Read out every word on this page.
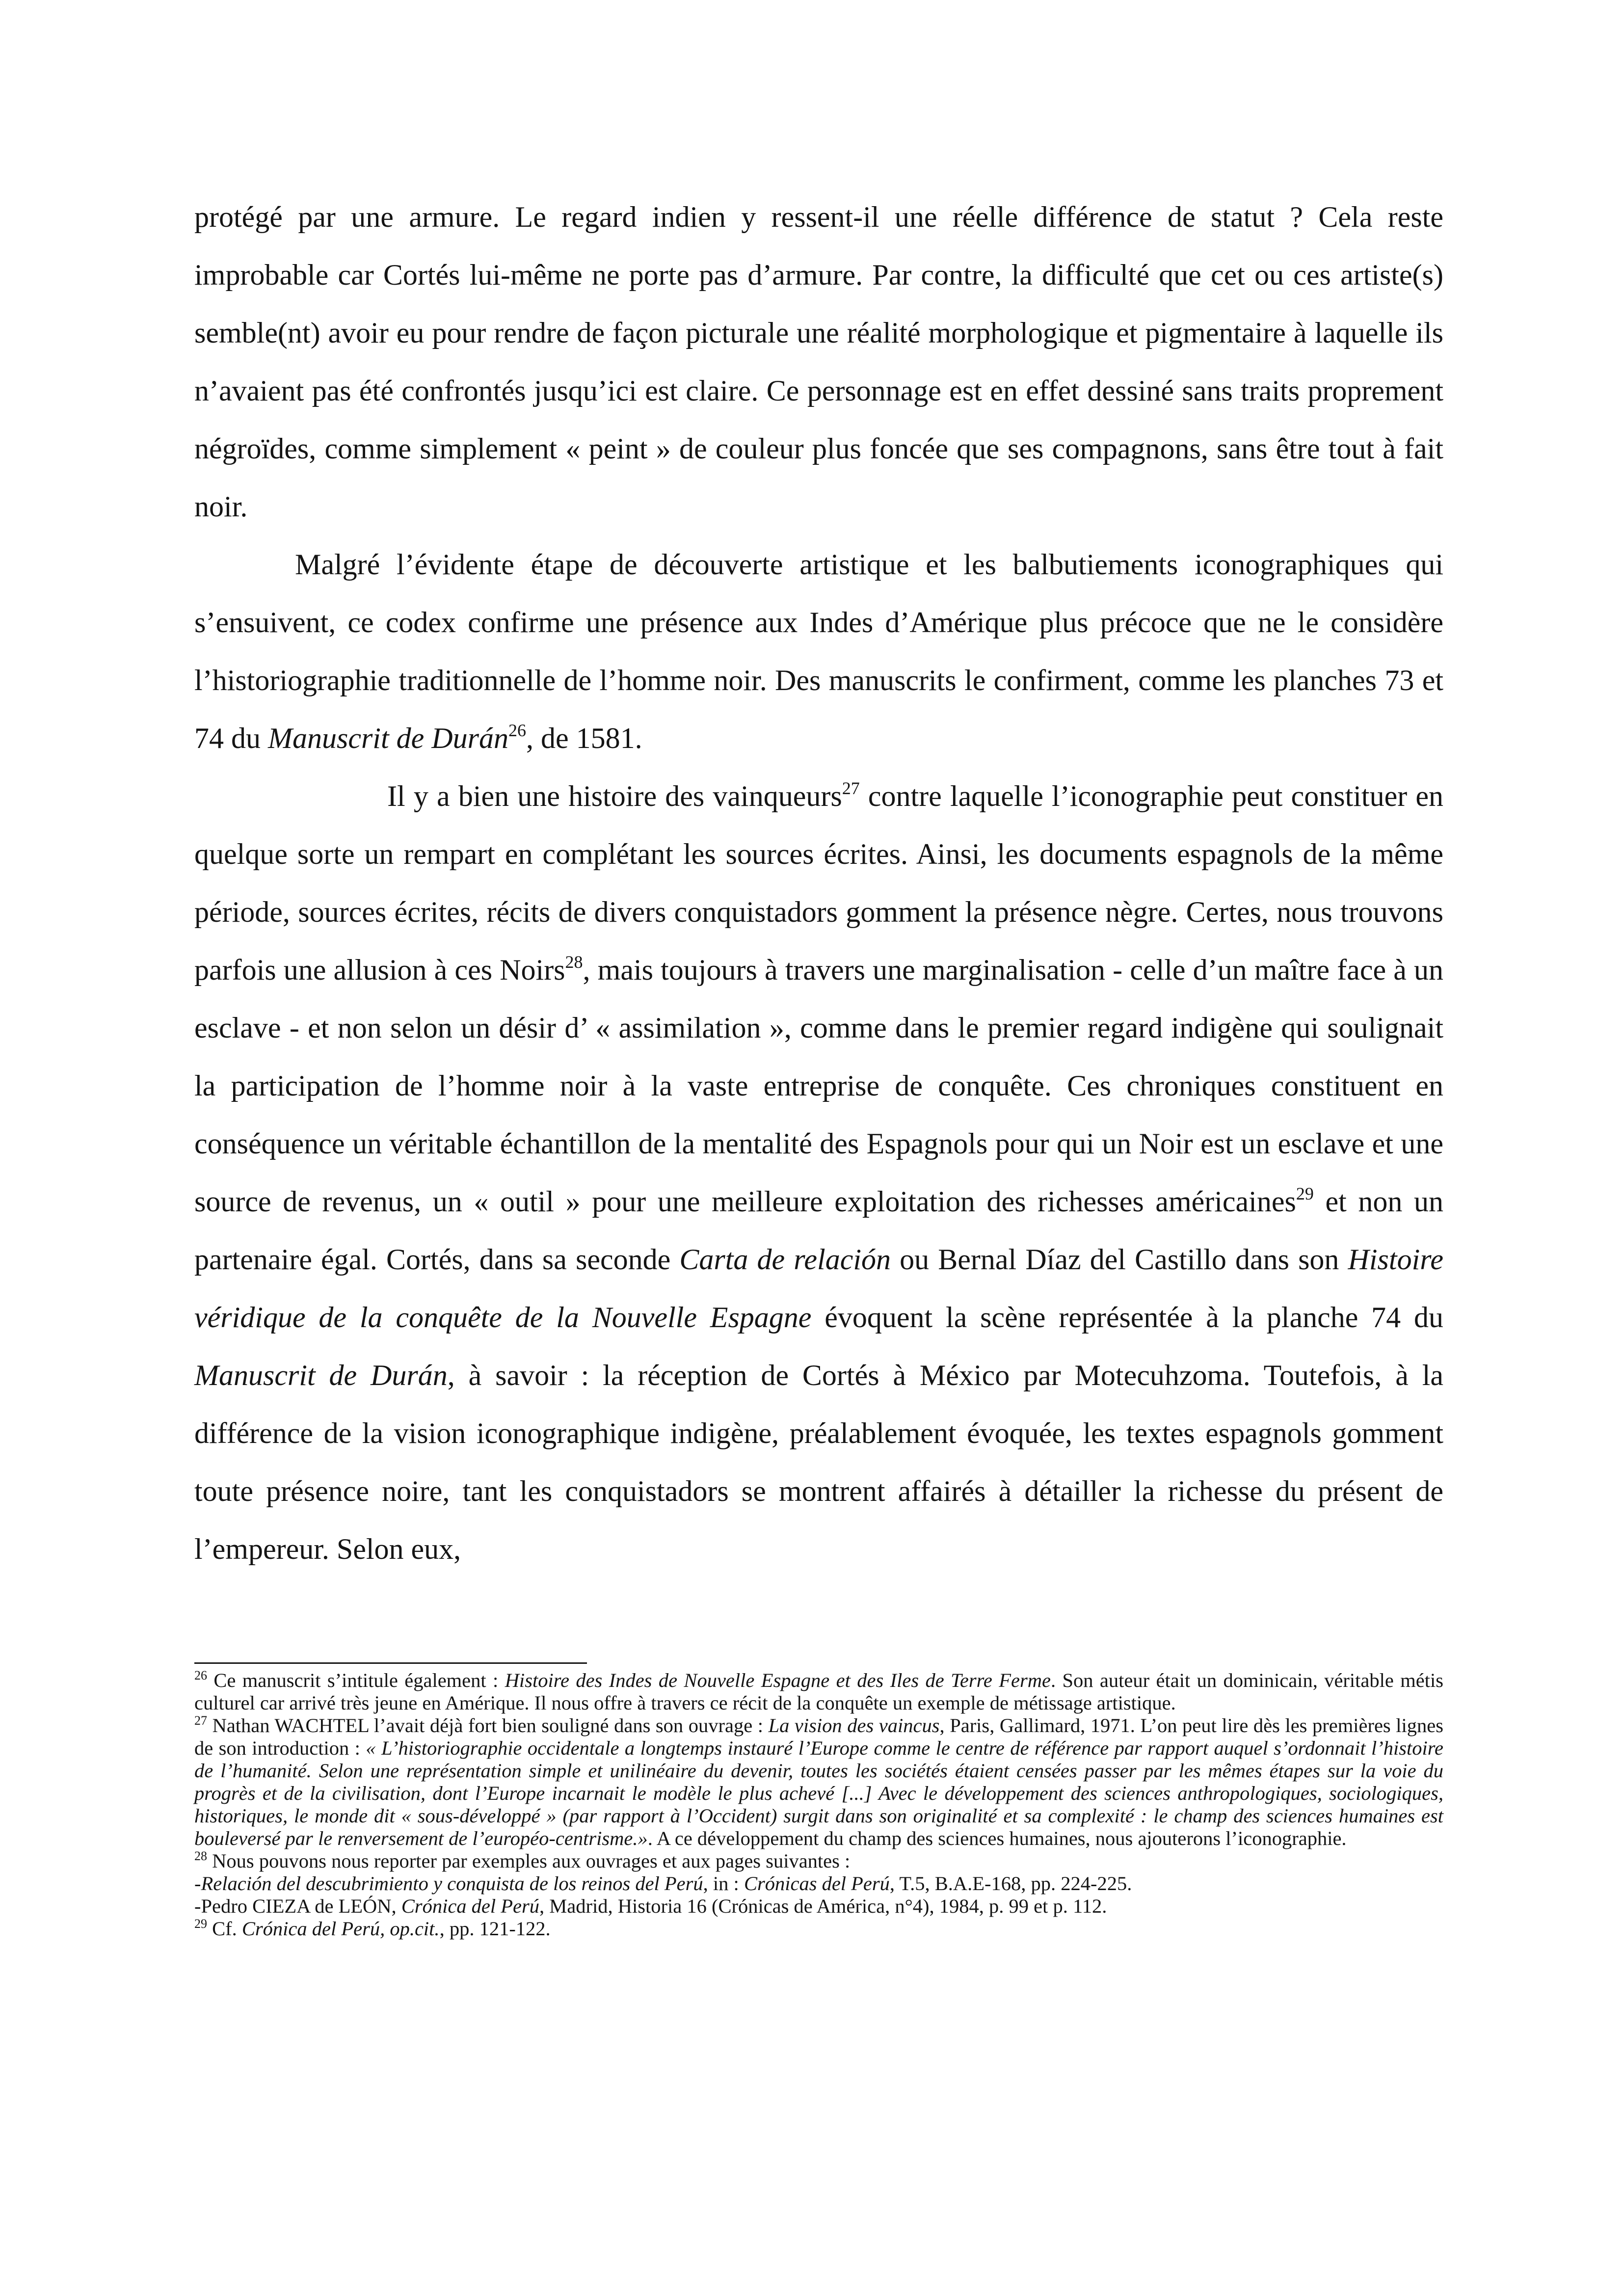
protégé par une armure. Le regard indien y ressent-il une réelle différence de statut ? Cela reste improbable car Cortés lui-même ne porte pas d’armure. Par contre, la difficulté que cet ou ces artiste(s) semble(nt) avoir eu pour rendre de façon picturale une réalité morphologique et pigmentaire à laquelle ils n’avaient pas été confrontés jusqu’ici est claire. Ce personnage est en effet dessiné sans traits proprement négroïdes, comme simplement « peint » de couleur plus foncée que ses compagnons, sans être tout à fait noir.

Malgré l’évidente étape de découverte artistique et les balbutiements iconographiques qui s’ensuivent, ce codex confirme une présence aux Indes d’Amérique plus précoce que ne le considère l’historiographie traditionnelle de l’homme noir. Des manuscrits le confirment, comme les planches 73 et 74 du Manuscrit de Durán$^{26}$, de 1581.

Il y a bien une histoire des vainqueurs$^{27}$ contre laquelle l’iconographie peut constituer en quelque sorte un rempart en complétant les sources écrites. Ainsi, les documents espagnols de la même période, sources écrites, récits de divers conquistadors gomment la présence nègre. Certes, nous trouvons parfois une allusion à ces Noirs$^{28}$, mais toujours à travers une marginalisation - celle d’un maître face à un esclave - et non selon un désir d’ « assimilation », comme dans le premier regard indigène qui soulignait la participation de l’homme noir à la vaste entreprise de conquête. Ces chroniques constituent en conséquence un véritable échantillon de la mentalité des Espagnols pour qui un Noir est un esclave et une source de revenus, un « outil » pour une meilleure exploitation des richesses américaines$^{29}$ et non un partenaire égal. Cortés, dans sa seconde Carta de relación ou Bernal Díaz del Castillo dans son Histoire véridique de la conquête de la Nouvelle Espagne évoquent la scène représentée à la planche 74 du Manuscrit de Durán, à savoir : la réception de Cortés à México par Motecuhzoma. Toutefois, à la différence de la vision iconographique indigène, préalablement évoquée, les textes espagnols gomment toute présence noire, tant les conquistadors se montrent affairés à détailler la richesse du présent de l’empereur. Selon eux,

$^{26}$ Ce manuscrit s’intitule également : Histoire des Indes de Nouvelle Espagne et des Iles de Terre Ferme. Son auteur était un dominicain, véritable métis culturel car arrivé très jeune en Amérique. Il nous offre à travers ce récit de la conquête un exemple de métissage artistique.

$^{27}$ Nathan WACHTEL l’avait déjà fort bien souligné dans son ouvrage : La vision des vaincus, Paris, Gallimard, 1971. L’on peut lire dès les premières lignes de son introduction : « L’historiographie occidentale a longtemps instauré l’Europe comme le centre de référence par rapport auquel s’ordonnait l’histoire de l’humanité. Selon une représentation simple et unilinéaire du devenir, toutes les sociétés étaient censées passer par les mêmes étapes sur la voie du progrès et de la civilisation, dont l’Europe incarnait le modèle le plus achevé [...] Avec le développement des sciences anthropologiques, sociologiques, historiques, le monde dit « sous-développé » (par rapport à l’Occident) surgit dans son originalité et sa complexité : le champ des sciences humaines est bouleversé par le renversement de l’européo-centrisme.». A ce développement du champ des sciences humaines, nous ajouterons l’iconographie.

$^{28}$ Nous pouvons nous reporter par exemples aux ouvrages et aux pages suivantes :

-Relación del descubrimiento y conquista de los reinos del Perú, in : Crónicas del Perú, T.5, B.A.E-168, pp. 224-225.

-Pedro CIEZA de LEÓN, Crónica del Perú, Madrid, Historia 16 (Crónicas de América, n°4), 1984, p. 99 et p. 112.

$^{29}$ Cf. Crónica del Perú, op.cit., pp. 121-122.
